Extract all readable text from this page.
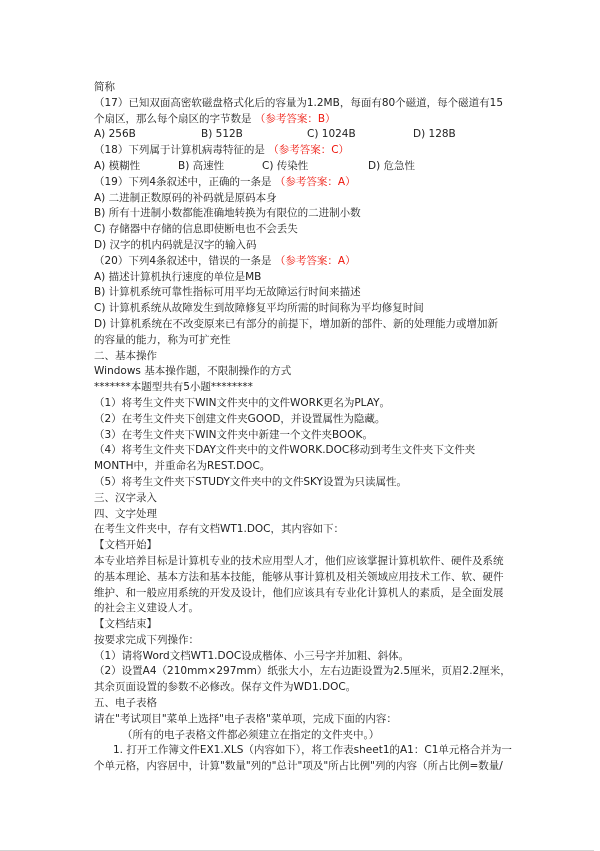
简称
（17）已知双面高密软磁盘格式化后的容量为1.2MB，每面有80个磁道，每个磁道有15
个扇区，那么每个扇区的字节数是 （参考答案：B）
A) 256B	B) 512B	C) 1024B	D) 128B
（18）下列属于计算机病毒特征的是 （参考答案：C）
A) 模糊性	B) 高速性	C) 传染性	D) 危急性
（19）下列4条叙述中，正确的一条是 （参考答案：A）
A) 二进制正数原码的补码就是原码本身
B) 所有十进制小数都能准确地转换为有限位的二进制小数
C) 存储器中存储的信息即使断电也不会丢失
D) 汉字的机内码就是汉字的输入码
（20）下列4条叙述中，错误的一条是 （参考答案：A）
A) 描述计算机执行速度的单位是MB
B) 计算机系统可靠性指标可用平均无故障运行时间来描述
C) 计算机系统从故障发生到故障修复平均所需的时间称为平均修复时间
D) 计算机系统在不改变原来已有部分的前提下，增加新的部件、新的处理能力或增加新
的容量的能力，称为可扩充性
二、基本操作
Windows 基本操作题，不限制操作的方式
*******本题型共有5小题********
（1）将考生文件夹下WIN文件夹中的文件WORK更名为PLAY。
（2）在考生文件夹下创建文件夹GOOD，并设置属性为隐藏。
（3）在考生文件夹下WIN文件夹中新建一个文件夹BOOK。
（4）将考生文件夹下DAY文件夹中的文件WORK.DOC移动到考生文件夹下文件夹
MONTH中，并重命名为REST.DOC。
（5）将考生文件夹下STUDY文件夹中的文件SKY设置为只读属性。
三、汉字录入
四、文字处理
在考生文件夹中，存有文档WT1.DOC，其内容如下：
【文档开始】
本专业培养目标是计算机专业的技术应用型人才，他们应该掌握计算机软件、硬件及系统
的基本理论、基本方法和基本技能，能够从事计算机及相关领域应用技术工作、软、硬件
维护、和一般应用系统的开发及设计，他们应该具有专业化计算机人的素质，是全面发展
的社会主义建设人才。
【文档结束】
按要求完成下列操作：
（1）请将Word文档WT1.DOC设成楷体、小三号字并加粗、斜体。
（2）设置A4（210mm×297mm）纸张大小，左右边距设置为2.5厘米，页眉2.2厘米，
其余页面设置的参数不必修改。保存文件为WD1.DOC。
五、电子表格
请在"考试项目"菜单上选择"电子表格"菜单项，完成下面的内容：
（所有的电子表格文件都必须建立在指定的文件夹中。）
1. 打开工作簿文件EX1.XLS（内容如下），将工作表sheet1的A1：C1单元格合并为一
个单元格，内容居中，计算"数量"列的"总计"项及"所占比例"列的内容（所占比例=数量/
